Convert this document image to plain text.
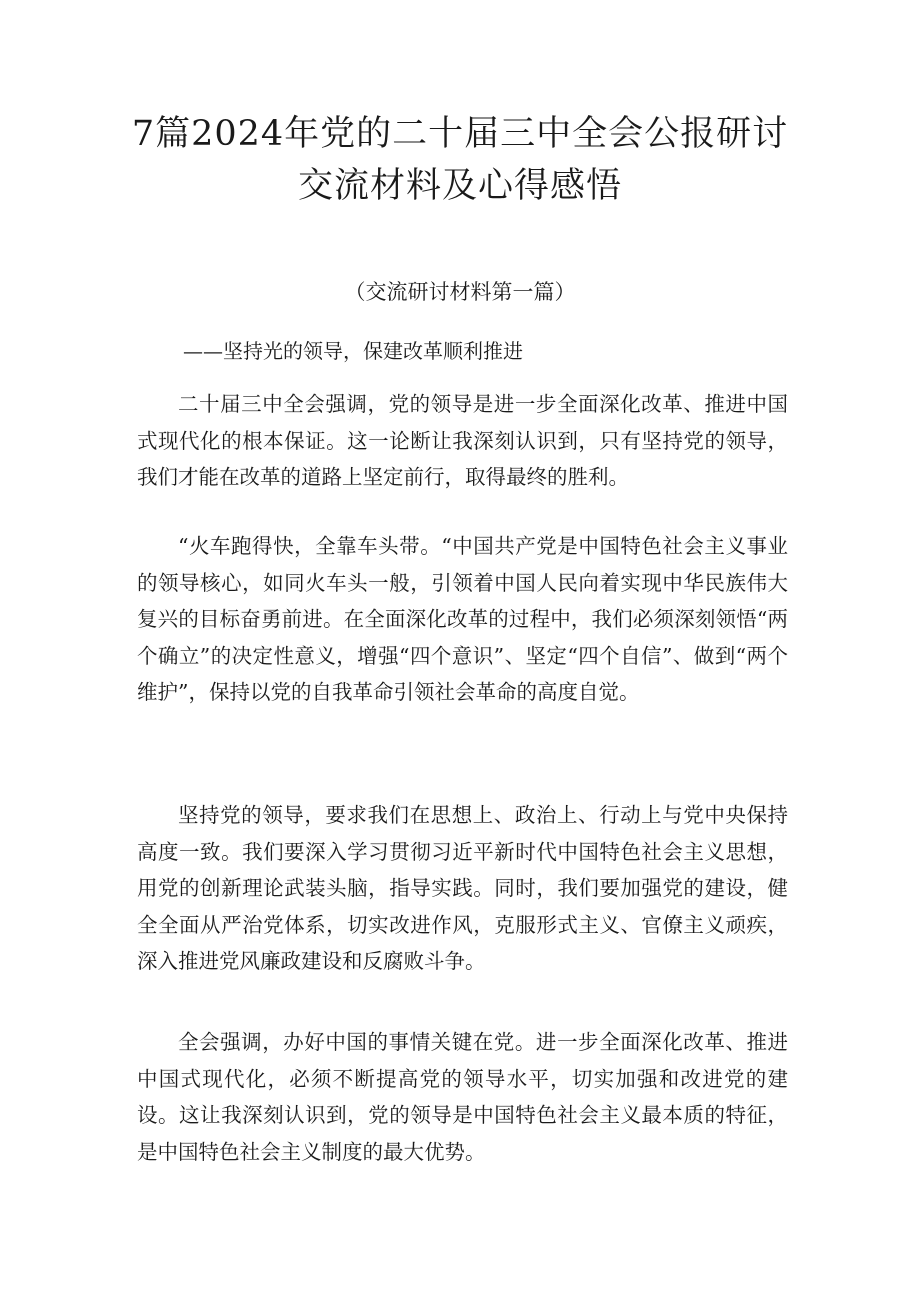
7篇2024年党的二十届三中全会公报研讨
交流材料及心得感悟

（交流研讨材料第一篇）

——坚持光的领导，保建改革顺利推进

二十届三中全会强调，党的领导是进一步全面深化改革、推进中国式现代化的根本保证。这一论断让我深刻认识到，只有坚持党的领导，我们才能在改革的道路上坚定前行，取得最终的胜利。

“火车跑得快，全靠车头带。“中国共产党是中国特色社会主义事业的领导核心，如同火车头一般，引领着中国人民向着实现中华民族伟大复兴的目标奋勇前进。在全面深化改革的过程中，我们必须深刻领悟“两个确立”的决定性意义，增强“四个意识”、坚定“四个自信”、做到“两个维护”，保持以党的自我革命引领社会革命的高度自觉。

坚持党的领导，要求我们在思想上、政治上、行动上与党中央保持高度一致。我们要深入学习贯彻习近平新时代中国特色社会主义思想，用党的创新理论武装头脑，指导实践。同时，我们要加强党的建设，健全全面从严治党体系，切实改进作风，克服形式主义、官僚主义顽疾，深入推进党风廉政建设和反腐败斗争。

全会强调，办好中国的事情关键在党。进一步全面深化改革、推进中国式现代化，必须不断提高党的领导水平，切实加强和改进党的建设。这让我深刻认识到，党的领导是中国特色社会主义最本质的特征，是中国特色社会主义制度的最大优势。
